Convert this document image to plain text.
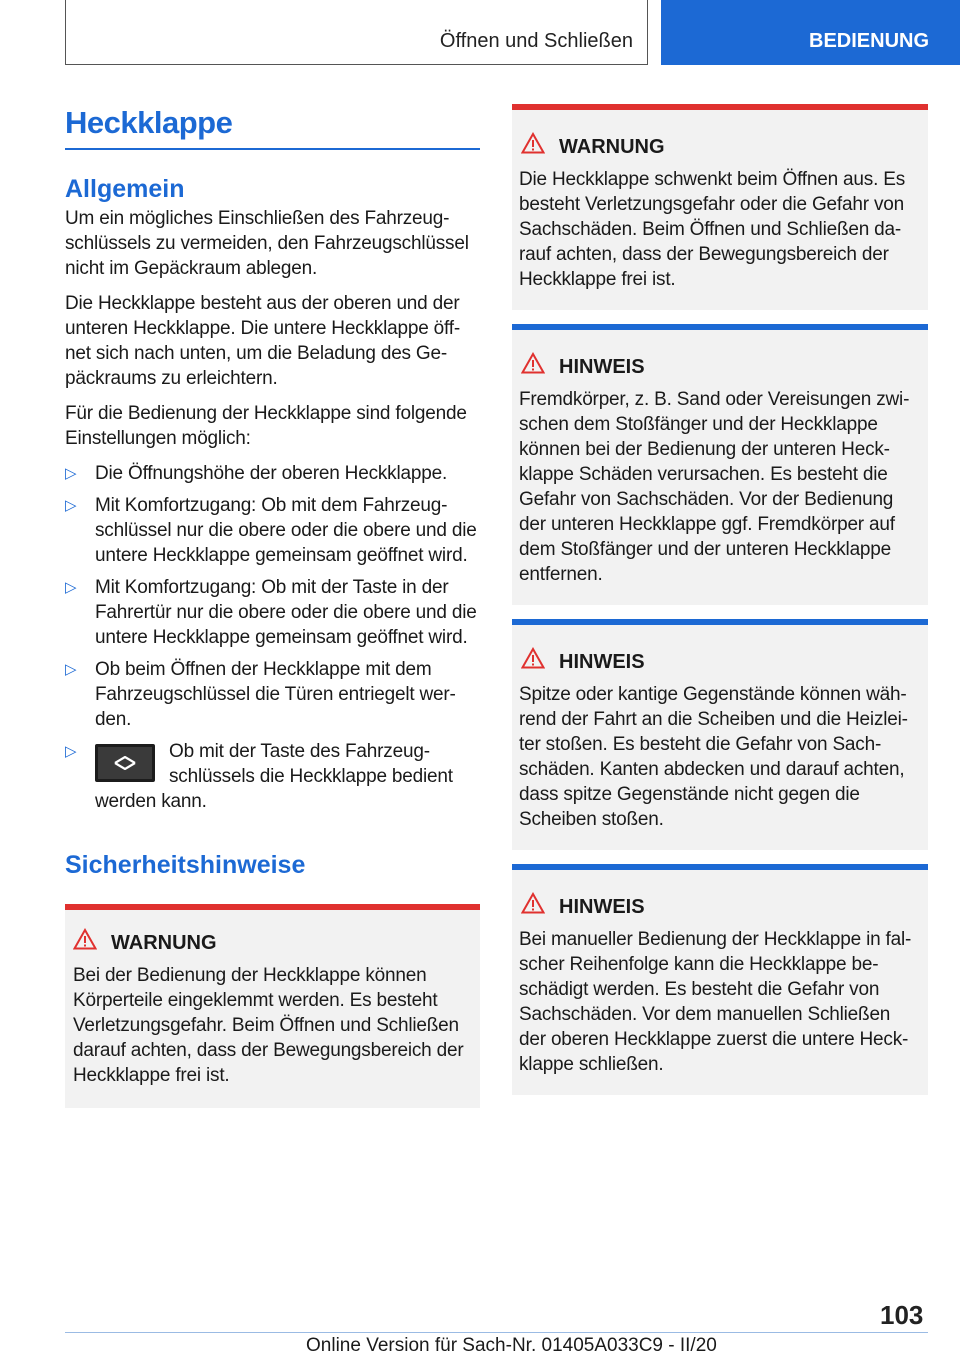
Öffnen und Schließen	BEDIENUNG
Heckklappe
Allgemein

Um ein mögliches Einschließen des Fahrzeug-schlüssels zu vermeiden, den Fahrzeugschlüssel nicht im Gepäckraum ablegen.

Die Heckklappe besteht aus der oberen und der unteren Heckklappe. Die untere Heckklappe öff-net sich nach unten, um die Beladung des Ge-päckraums zu erleichtern.

Für die Bedienung der Heckklappe sind folgende Einstellungen möglich:

▷ Die Öffnungshöhe der oberen Heckklappe.
▷ Mit Komfortzugang: Ob mit dem Fahrzeug-schlüssel nur die obere oder die obere und die untere Heckklappe gemeinsam geöffnet wird.
▷ Mit Komfortzugang: Ob mit der Taste in der Fahrertür nur die obere oder die obere und die untere Heckklappe gemeinsam geöffnet wird.
▷ Ob beim Öffnen der Heckklappe mit dem Fahrzeugschlüssel die Türen entriegelt wer-den.
▷	Ob mit der Taste des Fahrzeug-schlüssels die Heckklappe bedient werden kann.
Sicherheitshinweise
WARNUNG
Bei der Bedienung der Heckklappe können Körperteile eingeklemmt werden. Es besteht Verletzungsgefahr. Beim Öffnen und Schließen darauf achten, dass der Bewegungsbereich der Heckklappe frei ist.
WARNUNG
Die Heckklappe schwenkt beim Öffnen aus. Es besteht Verletzungsgefahr oder die Gefahr von Sachschäden. Beim Öffnen und Schließen da-rauf achten, dass der Bewegungsbereich der Heckklappe frei ist.
HINWEIS
Fremdkörper, z. B. Sand oder Vereisungen zwi-schen dem Stoßfänger und der Heckklappe können bei der Bedienung der unteren Heck-klappe Schäden verursachen. Es besteht die Gefahr von Sachschäden. Vor der Bedienung der unteren Heckklappe ggf. Fremdkörper auf dem Stoßfänger und der unteren Heckklappe entfernen.
HINWEIS
Spitze oder kantige Gegenstände können wäh-rend der Fahrt an die Scheiben und die Heizlei-ter stoßen. Es besteht die Gefahr von Sach-schäden. Kanten abdecken und darauf achten, dass spitze Gegenstände nicht gegen die Scheiben stoßen.
HINWEIS
Bei manueller Bedienung der Heckklappe in fal-scher Reihenfolge kann die Heckklappe be-schädigt werden. Es besteht die Gefahr von Sachschäden. Vor dem manuellen Schließen der oberen Heckklappe zuerst die untere Heck-klappe schließen.
103
Online Version für Sach-Nr. 01405A033C9 - II/20
